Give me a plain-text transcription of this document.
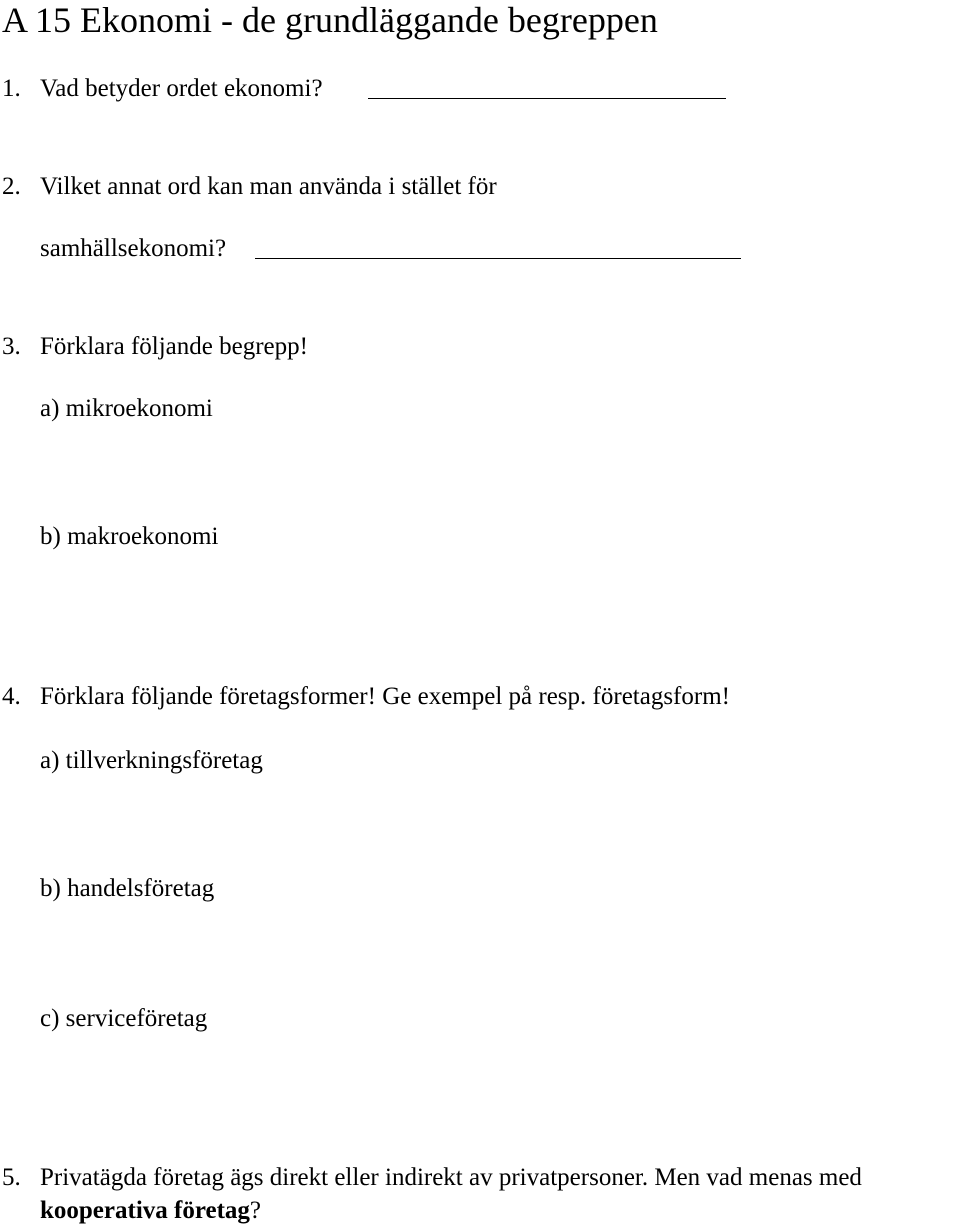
A 15 Ekonomi - de grundläggande begreppen
1. Vad betyder ordet ekonomi?
2. Vilket annat ord kan man använda i stället för
samhällsekonomi?
3. Förklara följande begrepp!
a) mikroekonomi
b) makroekonomi
4. Förklara följande företagsformer! Ge exempel på resp. företagsform!
a) tillverkningsföretag
b) handelsföretag
c) serviceföretag
5. Privatägda företag ägs direkt eller indirekt av privatpersoner. Men vad menas med
kooperativa företag?
